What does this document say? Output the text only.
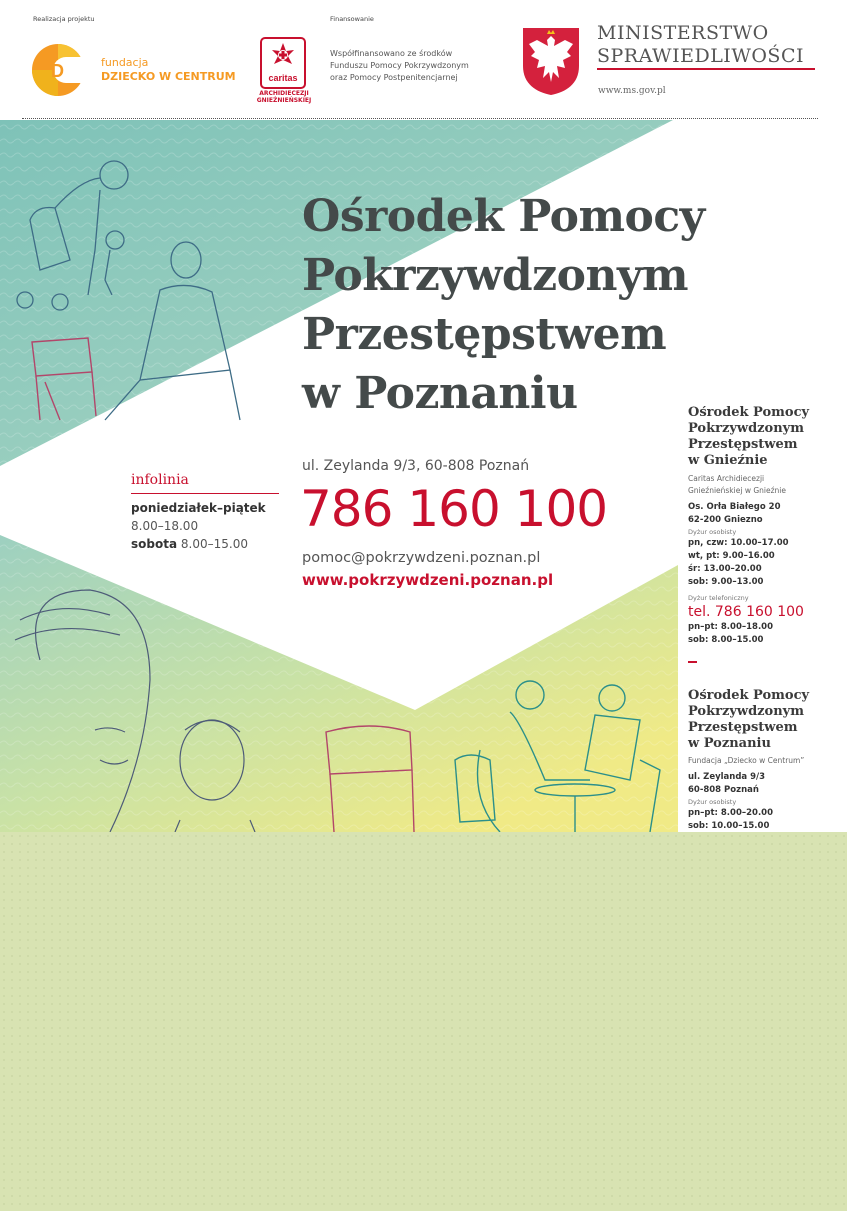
Realizacja projektu	Finansowanie
D	fundacja
DZIECKO W CENTRUM	caritas
ARCHIDIECEZJI
GNIEŹNIEŃSKIEJ
Współfinansowano ze środków
Funduszu Pomocy Pokrzywdzonym
oraz Pomocy Postpenitencjarnej
MINISTERSTWO
SPRAWIEDLIWOŚCI
www.ms.gov.pl
Ośrodek Pomocy
Pokrzywdzonym
Przestępstwem
w Poznaniu
infolinia
poniedziałek–piątek
8.00–18.00
sobota 8.00–15.00
ul. Zeylanda 9/3, 60-808 Poznań
786 160 100
pomoc@pokrzywdzeni.poznan.pl
www.pokrzywdzeni.poznan.pl
Ośrodek Pomocy
Pokrzywdzonym
Przestępstwem
w Gnieźnie
Caritas Archidiecezji
Gnieźnieńskiej w Gnieźnie
Os. Orła Białego 20
62-200 Gniezno
Dyżur osobisty
pn, czw: 10.00–17.00
wt, pt: 9.00–16.00
śr: 13.00–20.00
sob: 9.00–13.00
Dyżur telefoniczny
tel. 786 160 100
pn–pt: 8.00–18.00
sob: 8.00–15.00
Ośrodek Pomocy
Pokrzywdzonym
Przestępstwem
w Poznaniu
Fundacja „Dziecko w Centrum”
ul. Zeylanda 9/3
60-808 Poznań
Dyżur osobisty
pn–pt: 8.00–20.00
sob: 10.00–15.00
